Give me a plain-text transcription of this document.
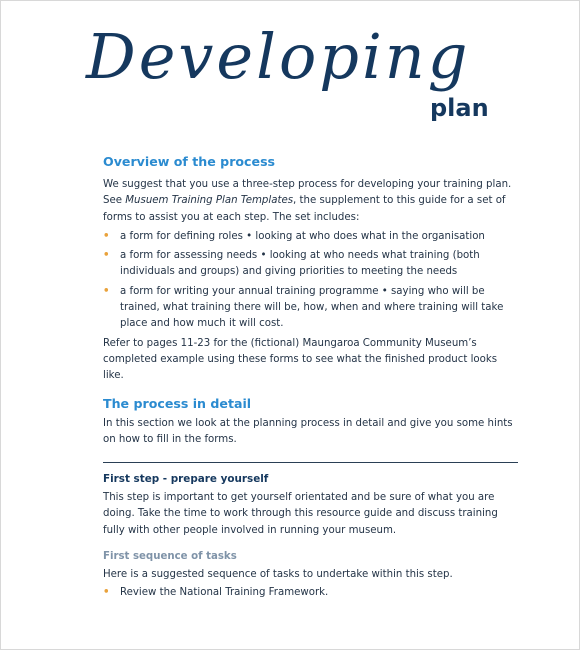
Developing
plan
Overview of the process

We suggest that you use a three-step process for developing your training plan. See Musuem Training Plan Templates, the supplement to this guide for a set of forms to assist you at each step. The set includes:

• a form for defining roles • looking at who does what in the organisation
• a form for assessing needs • looking at who needs what training (both individuals and groups) and giving priorities to meeting the needs
• a form for writing your annual training programme • saying who will be trained, what training there will be, how, when and where training will take place and how much it will cost.

Refer to pages 11-23 for the (fictional) Maungaroa Community Museum’s completed example using these forms to see what the finished product looks like.

The process in detail

In this section we look at the planning process in detail and give you some hints on how to fill in the forms.

First step - prepare yourself

This step is important to get yourself orientated and be sure of what you are doing. Take the time to work through this resource guide and discuss training fully with other people involved in running your museum.

First sequence of tasks

Here is a suggested sequence of tasks to undertake within this step.

• Review the National Training Framework.
